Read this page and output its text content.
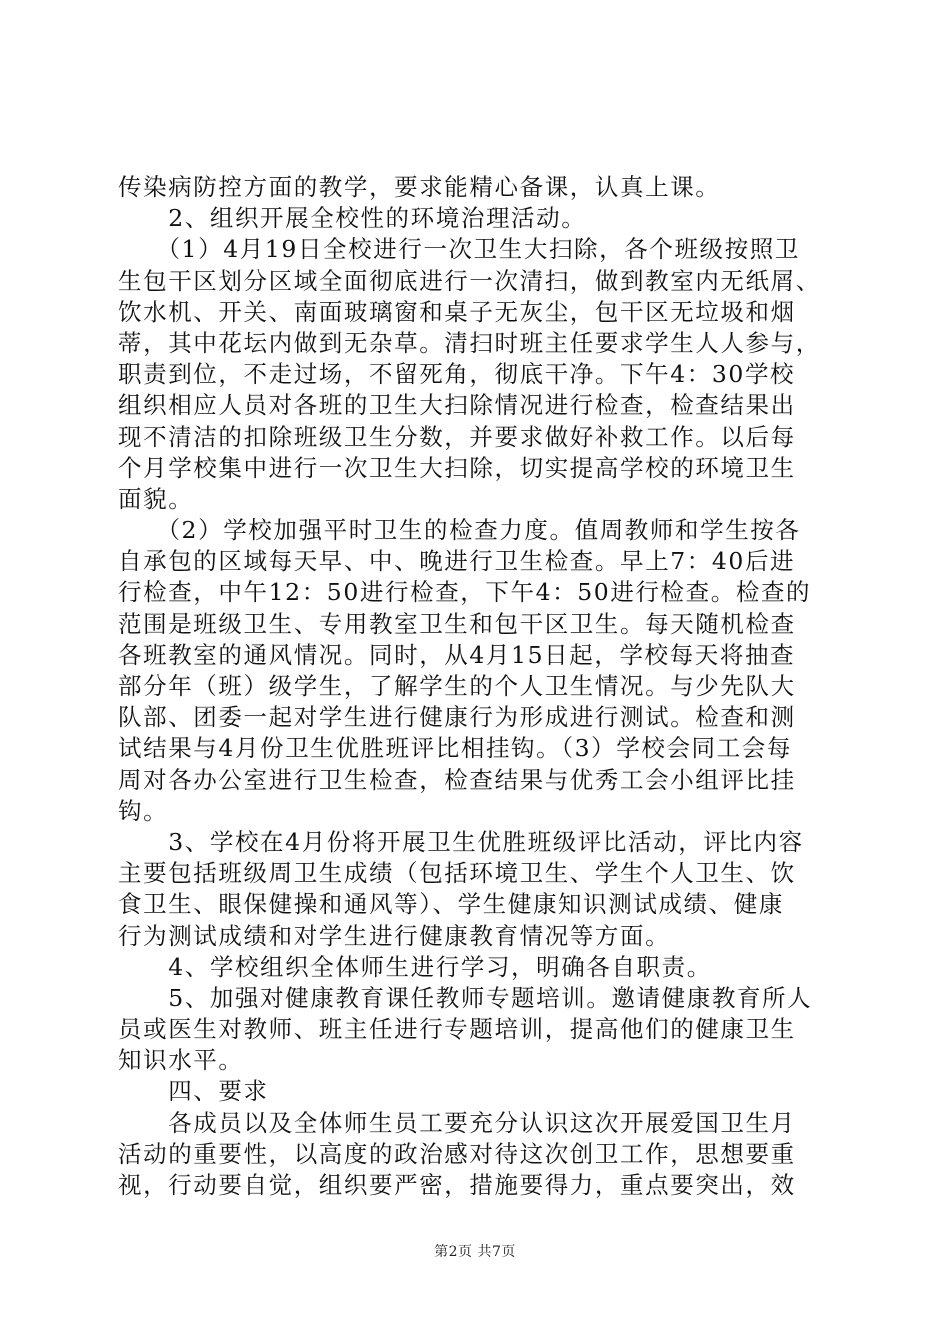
传染病防控方面的教学，要求能精心备课，认真上课。
　　2、组织开展全校性的环境治理活动。
　　（1）4月19日全校进行一次卫生大扫除，各个班级按照卫
生包干区划分区域全面彻底进行一次清扫，做到教室内无纸屑、
饮水机、开关、南面玻璃窗和桌子无灰尘，包干区无垃圾和烟
蒂，其中花坛内做到无杂草。清扫时班主任要求学生人人参与，
职责到位，不走过场，不留死角，彻底干净。下午4：30学校
组织相应人员对各班的卫生大扫除情况进行检查，检查结果出
现不清洁的扣除班级卫生分数，并要求做好补救工作。以后每
个月学校集中进行一次卫生大扫除，切实提高学校的环境卫生
面貌。
　　（2）学校加强平时卫生的检查力度。值周教师和学生按各
自承包的区域每天早、中、晚进行卫生检查。早上7：40后进
行检查，中午12：50进行检查，下午4：50进行检查。检查的
范围是班级卫生、专用教室卫生和包干区卫生。每天随机检查
各班教室的通风情况。同时，从4月15日起，学校每天将抽查
部分年（班）级学生，了解学生的个人卫生情况。与少先队大
队部、团委一起对学生进行健康行为形成进行测试。检查和测
试结果与4月份卫生优胜班评比相挂钩。（3）学校会同工会每
周对各办公室进行卫生检查，检查结果与优秀工会小组评比挂
钩。
　　3、学校在4月份将开展卫生优胜班级评比活动，评比内容
主要包括班级周卫生成绩（包括环境卫生、学生个人卫生、饮
食卫生、眼保健操和通风等）、学生健康知识测试成绩、健康
行为测试成绩和对学生进行健康教育情况等方面。
　　4、学校组织全体师生进行学习，明确各自职责。
　　5、加强对健康教育课任教师专题培训。邀请健康教育所人
员或医生对教师、班主任进行专题培训，提高他们的健康卫生
知识水平。
　　四、要求
　　各成员以及全体师生员工要充分认识这次开展爱国卫生月
活动的重要性，以高度的政治感对待这次创卫工作，思想要重
视，行动要自觉，组织要严密，措施要得力，重点要突出，效
第2页 共7页
